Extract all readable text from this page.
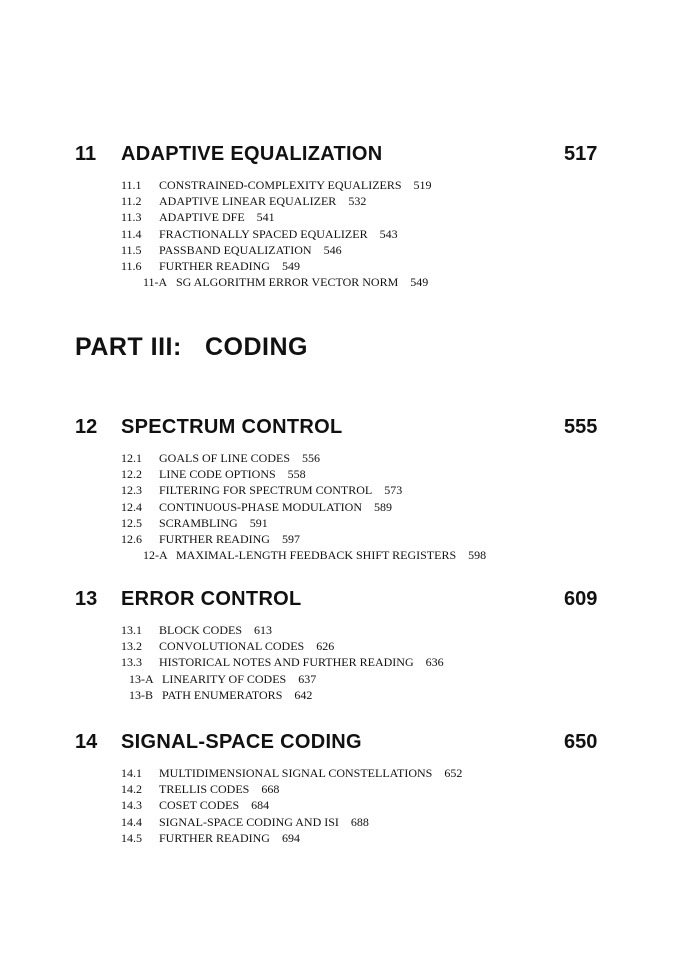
11 ADAPTIVE EQUALIZATION	517
11.1 CONSTRAINED-COMPLEXITY EQUALIZERS 519
11.2 ADAPTIVE LINEAR EQUALIZER 532
11.3 ADAPTIVE DFE 541
11.4 FRACTIONALLY SPACED EQUALIZER 543
11.5 PASSBAND EQUALIZATION 546
11.6 FURTHER READING 549
11-A SG ALGORITHM ERROR VECTOR NORM 549
PART III: CODING
12 SPECTRUM CONTROL	555
12.1 GOALS OF LINE CODES 556
12.2 LINE CODE OPTIONS 558
12.3 FILTERING FOR SPECTRUM CONTROL 573
12.4 CONTINUOUS-PHASE MODULATION 589
12.5 SCRAMBLING 591
12.6 FURTHER READING 597
12-A MAXIMAL-LENGTH FEEDBACK SHIFT REGISTERS 598
13 ERROR CONTROL	609
13.1 BLOCK CODES 613
13.2 CONVOLUTIONAL CODES 626
13.3 HISTORICAL NOTES AND FURTHER READING 636
13-A LINEARITY OF CODES 637
13-B PATH ENUMERATORS 642
14 SIGNAL-SPACE CODING	650
14.1 MULTIDIMENSIONAL SIGNAL CONSTELLATIONS 652
14.2 TRELLIS CODES 668
14.3 COSET CODES 684
14.4 SIGNAL-SPACE CODING AND ISI 688
14.5 FURTHER READING 694
